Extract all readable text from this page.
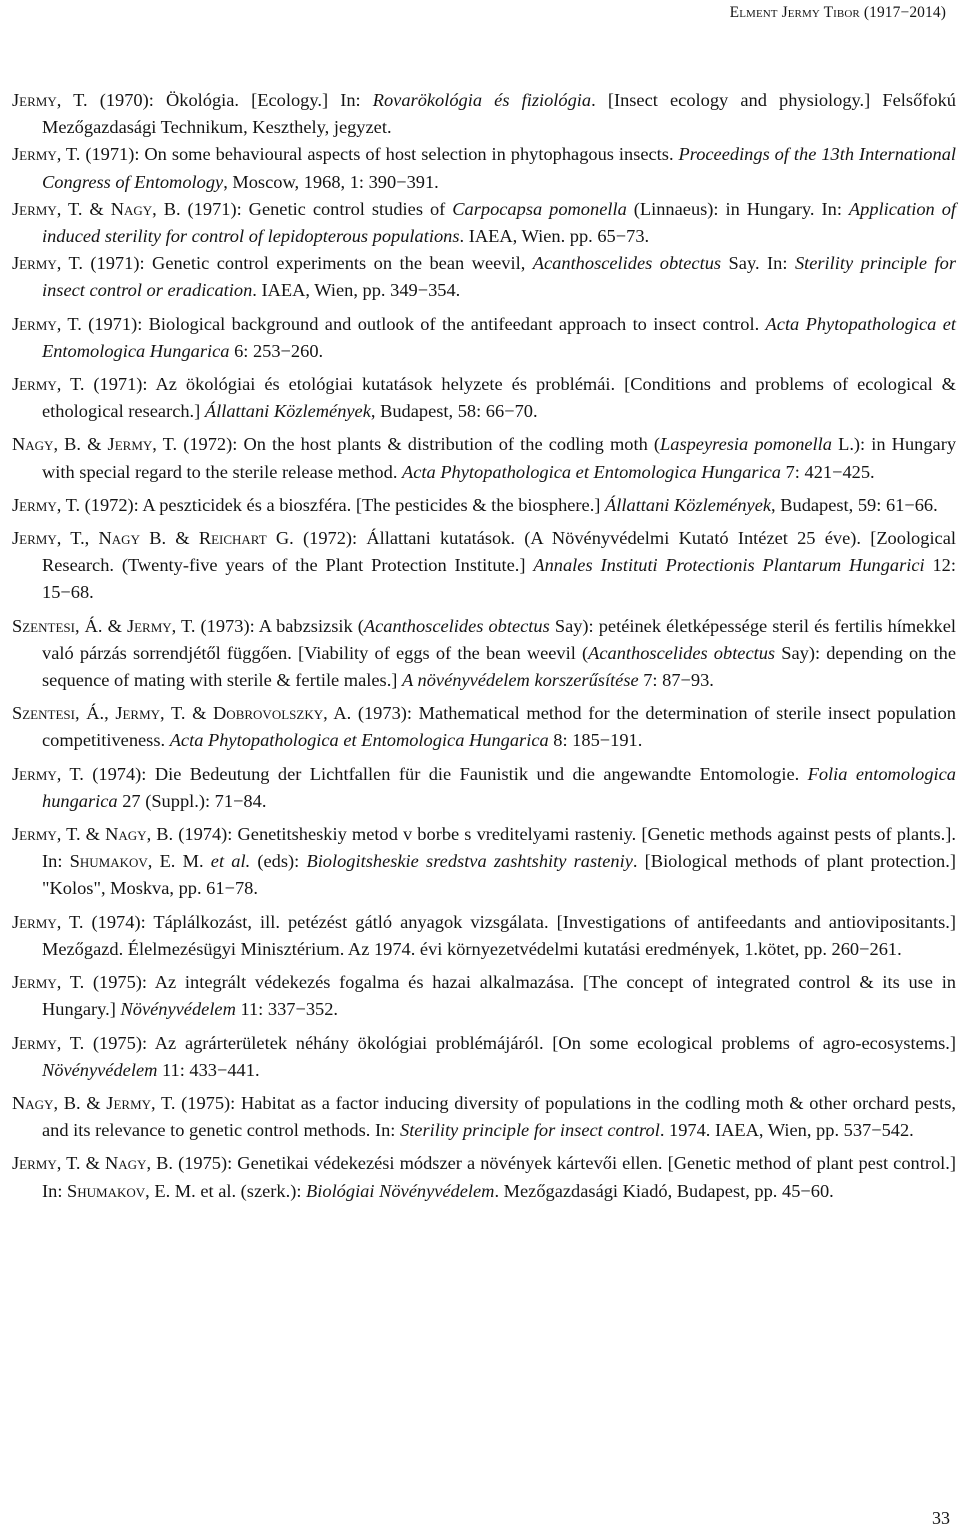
Elment Jermy Tibor (1917−2014)

Jermy, T. (1970): Ökológia. [Ecology.] In: Rovarökológia és fiziológia. [Insect ecology and physiology.] Felsőfokú Mezőgazdasági Technikum, Keszthely, jegyzet.

Jermy, T. (1971): On some behavioural aspects of host selection in phytophagous insects. Proceedings of the 13th International Congress of Entomology, Moscow, 1968, 1: 390−391.

Jermy, T. & Nagy, B. (1971): Genetic control studies of Carpocapsa pomonella (Linnaeus): in Hungary. In: Application of induced sterility for control of lepidopterous populations. IAEA, Wien. pp. 65−73.

Jermy, T. (1971): Genetic control experiments on the bean weevil, Acanthoscelides obtectus Say. In: Sterility principle for insect control or eradication. IAEA, Wien, pp. 349−354.

Jermy, T. (1971): Biological background and outlook of the antifeedant approach to insect control. Acta Phytopathologica et Entomologica Hungarica 6: 253−260.

Jermy, T. (1971): Az ökológiai és etológiai kutatások helyzete és problémái. [Conditions and problems of ecological & ethological research.] Állattani Közlemények, Budapest, 58: 66−70.

Nagy, B. & Jermy, T. (1972): On the host plants & distribution of the codling moth (Laspeyresia pomonella L.): in Hungary with special regard to the sterile release method. Acta Phytopathologica et Entomologica Hungarica 7: 421−425.

Jermy, T. (1972): A peszticidek és a bioszféra. [The pesticides & the biosphere.] Állattani Közlemények, Budapest, 59: 61−66.

Jermy, T., Nagy B. & Reichart G. (1972): Állattani kutatások. (A Növényvédelmi Kutató Intézet 25 éve). [Zoological Research. (Twenty-five years of the Plant Protection Institute.] Annales Instituti Protectionis Plantarum Hungarici 12: 15−68.

Szentesi, Á. & Jermy, T. (1973): A babzsizsik (Acanthoscelides obtectus Say): petéinek életképessége steril és fertilis hímekkel való párzás sorrendjétől függően. [Viability of eggs of the bean weevil (Acanthoscelides obtectus Say): depending on the sequence of mating with sterile & fertile males.] A növényvédelem korszerűsítése 7: 87−93.

Szentesi, Á., Jermy, T. & Dobrovolszky, A. (1973): Mathematical method for the determination of sterile insect population competitiveness. Acta Phytopathologica et Entomologica Hungarica 8: 185−191.

Jermy, T. (1974): Die Bedeutung der Lichtfallen für die Faunistik und die angewandte Entomologie. Folia entomologica hungarica 27 (Suppl.): 71−84.

Jermy, T. & Nagy, B. (1974): Genetitsheskiy metod v borbe s vreditelyami rasteniy. [Genetic methods against pests of plants.]. In: Shumakov, E. M. et al. (eds): Biologitsheskie sredstva zashtshity rasteniy. [Biological methods of plant protection.] "Kolos", Moskva, pp. 61−78.

Jermy, T. (1974): Táplálkozást, ill. petézést gátló anyagok vizsgálata. [Investigations of antifeedants and antiovipositants.] Mezőgazd. Élelmezésügyi Minisztérium. Az 1974. évi környezetvédelmi kutatási eredmények, 1.kötet, pp. 260−261.

Jermy, T. (1975): Az integrált védekezés fogalma és hazai alkalmazása. [The concept of integrated control & its use in Hungary.] Növényvédelem 11: 337−352.

Jermy, T. (1975): Az agrárterületek néhány ökológiai problémájáról. [On some ecological problems of agro-ecosystems.] Növényvédelem 11: 433−441.

Nagy, B. & Jermy, T. (1975): Habitat as a factor inducing diversity of populations in the codling moth & other orchard pests, and its relevance to genetic control methods. In: Sterility principle for insect control. 1974. IAEA, Wien, pp. 537−542.

Jermy, T. & Nagy, B. (1975): Genetikai védekezési módszer a növények kártevői ellen. [Genetic method of plant pest control.] In: Shumakov, E. M. et al. (szerk.): Biológiai Növényvédelem. Mezőgazdasági Kiadó, Budapest, pp. 45−60.

33
